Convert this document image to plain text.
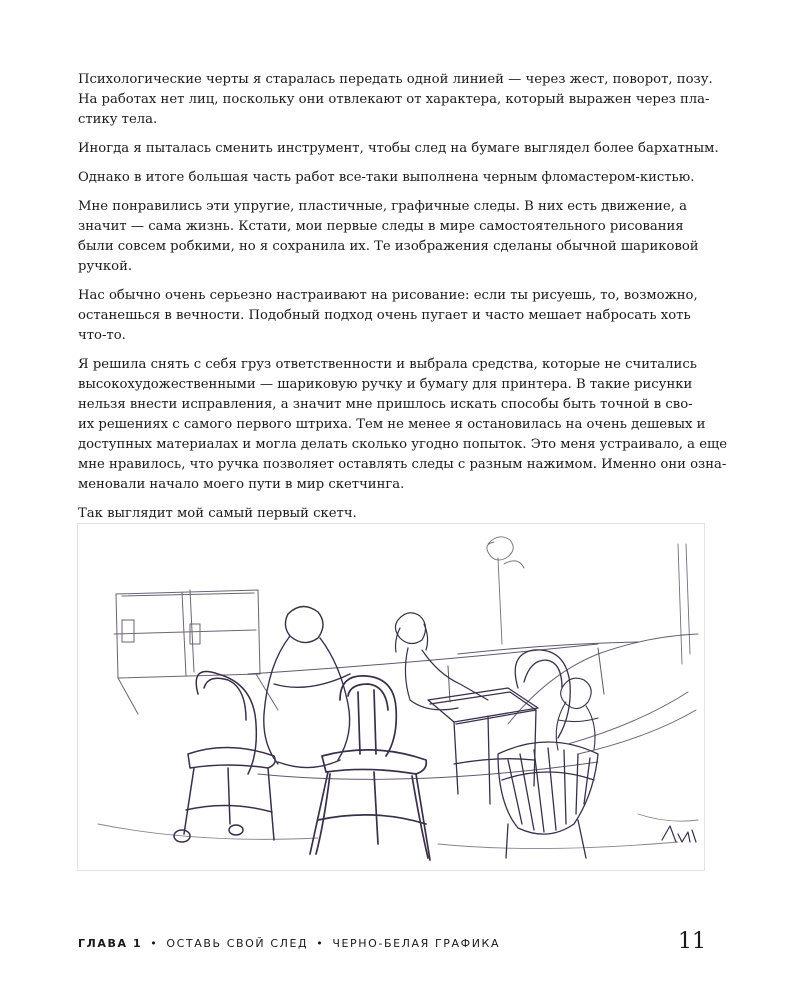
Психологические черты я старалась передать одной линией — через жест, поворот, позу.
На работах нет лиц, поскольку они отвлекают от характера, который выражен через пла-
стику тела.

Иногда я пыталась сменить инструмент, чтобы след на бумаге выглядел более бархатным.

Однако в итоге большая часть работ все-таки выполнена черным фломастером-кистью.

Мне понравились эти упругие, пластичные, графичные следы. В них есть движение, а
значит — сама жизнь. Кстати, мои первые следы в мире самостоятельного рисования
были совсем робкими, но я сохранила их. Те изображения сделаны обычной шариковой
ручкой.

Нас обычно очень серьезно настраивают на рисование: если ты рисуешь, то, возможно,
останешься в вечности. Подобный подход очень пугает и часто мешает набросать хоть
что-то.

Я решила снять с себя груз ответственности и выбрала средства, которые не считались
высокохудожественными — шариковую ручку и бумагу для принтера. В такие рисунки
нельзя внести исправления, а значит мне пришлось искать способы быть точной в сво-
их решениях с самого первого штриха. Тем не менее я остановилась на очень дешевых и
доступных материалах и могла делать сколько угодно попыток. Это меня устраивало, а еще
мне нравилось, что ручка позволяет оставлять следы с разным нажимом. Именно они озна-
меновали начало моего пути в мир скетчинга.

Так выглядит мой самый первый скетч.

ГЛАВА 1 • ОСТАВЬ СВОЙ СЛЕД • ЧЕРНО-БЕЛАЯ ГРАФИКА	11
